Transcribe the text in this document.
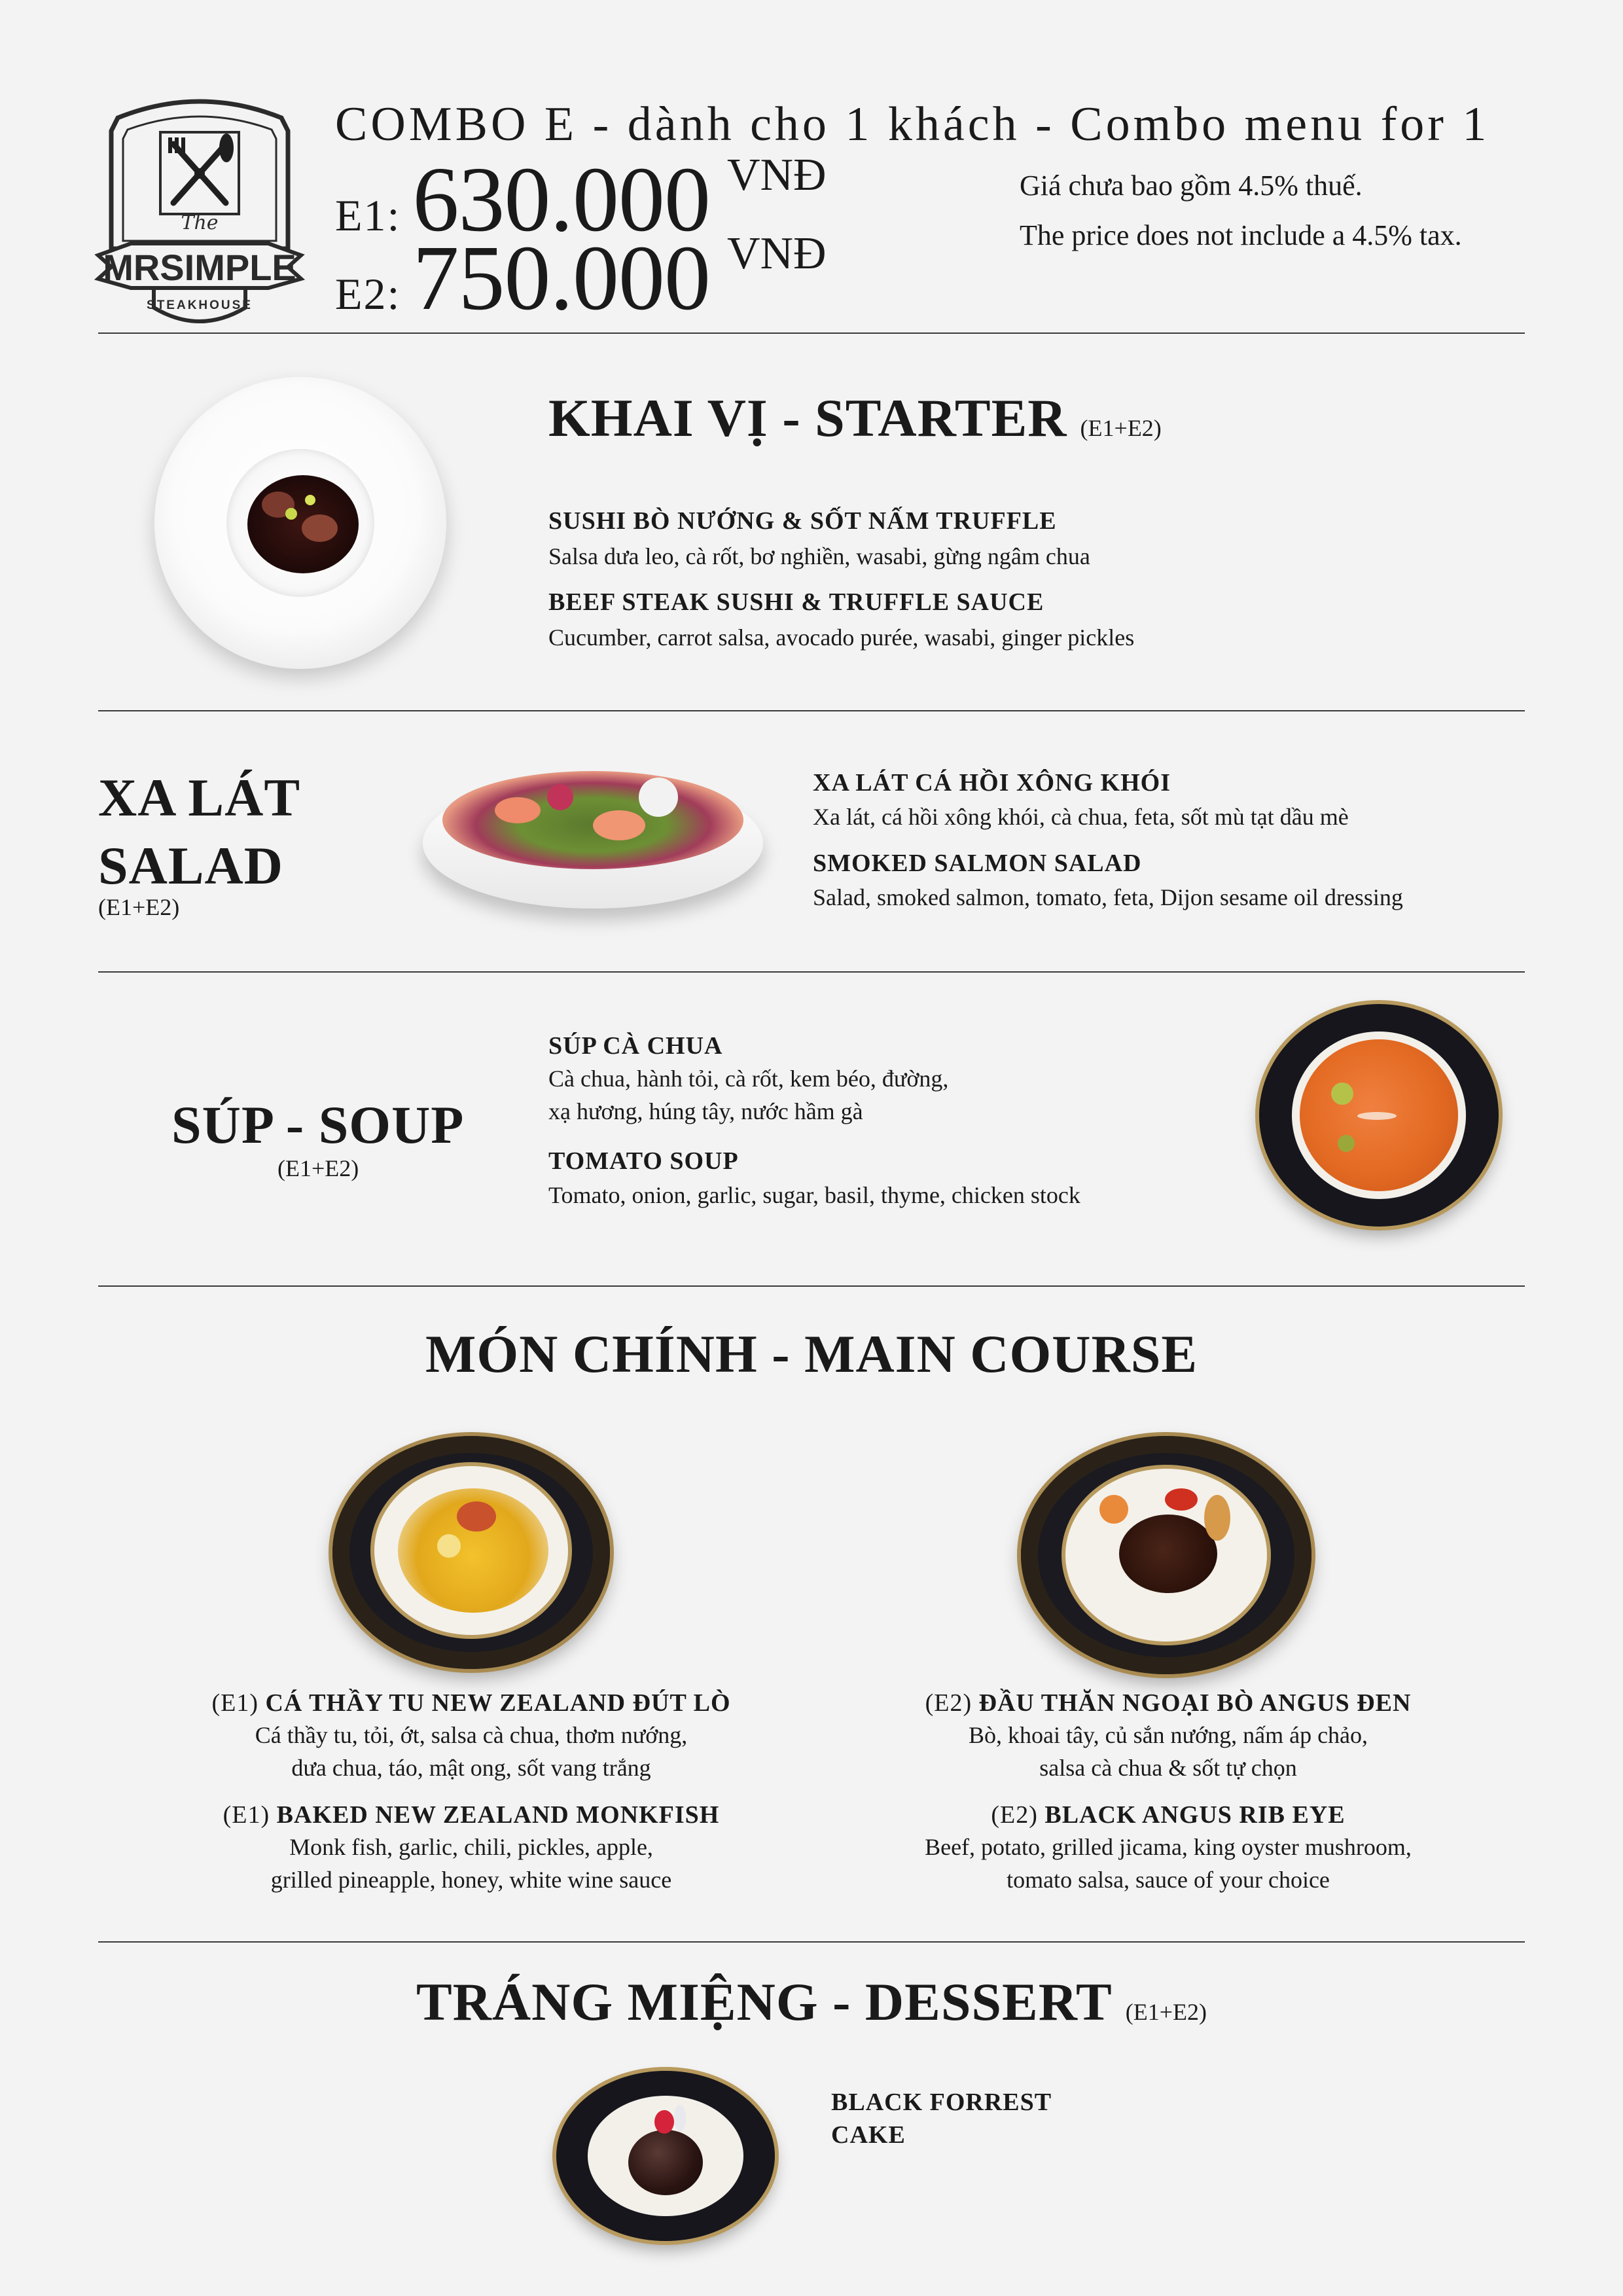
The
MRSIMPLE
STEAKHOUSE
COMBO E - dành cho 1 khách - Combo menu for 1
E1: 630.000 VNĐ
E2: 750.000 VNĐ
Giá chưa bao gồm 4.5% thuế.
The price does not include a 4.5% tax.
KHAI VỊ - STARTER (E1+E2)
SUSHI BÒ NƯỚNG & SỐT NẤM TRUFFLE
Salsa dưa leo, cà rốt, bơ nghiền, wasabi, gừng ngâm chua
BEEF STEAK SUSHI & TRUFFLE SAUCE
Cucumber, carrot salsa, avocado purée, wasabi, ginger pickles
XA LÁT
SALAD
(E1+E2)
XA LÁT CÁ HỒI XÔNG KHÓI
Xa lát, cá hồi xông khói, cà chua, feta, sốt mù tạt dầu mè
SMOKED SALMON SALAD
Salad, smoked salmon, tomato, feta, Dijon sesame oil dressing
SÚP - SOUP
(E1+E2)
SÚP CÀ CHUA
Cà chua, hành tỏi, cà rốt, kem béo, đường,
xạ hương, húng tây, nước hầm gà
TOMATO SOUP
Tomato, onion, garlic, sugar, basil, thyme, chicken stock
MÓN CHÍNH - MAIN COURSE
(E1) CÁ THẦY TU NEW ZEALAND ĐÚT LÒ
Cá thầy tu, tỏi, ớt, salsa cà chua, thơm nướng,
dưa chua, táo, mật ong, sốt vang trắng
(E1) BAKED NEW ZEALAND MONKFISH
Monk fish, garlic, chili, pickles, apple,
grilled pineapple, honey, white wine sauce
(E2) ĐẦU THĂN NGOẠI BÒ ANGUS ĐEN
Bò, khoai tây, củ sắn nướng, nấm áp chảo,
salsa cà chua & sốt tự chọn
(E2) BLACK ANGUS RIB EYE
Beef, potato, grilled jicama, king oyster mushroom,
tomato salsa, sauce of your choice
TRÁNG MIỆNG - DESSERT (E1+E2)
BLACK FORREST
CAKE
